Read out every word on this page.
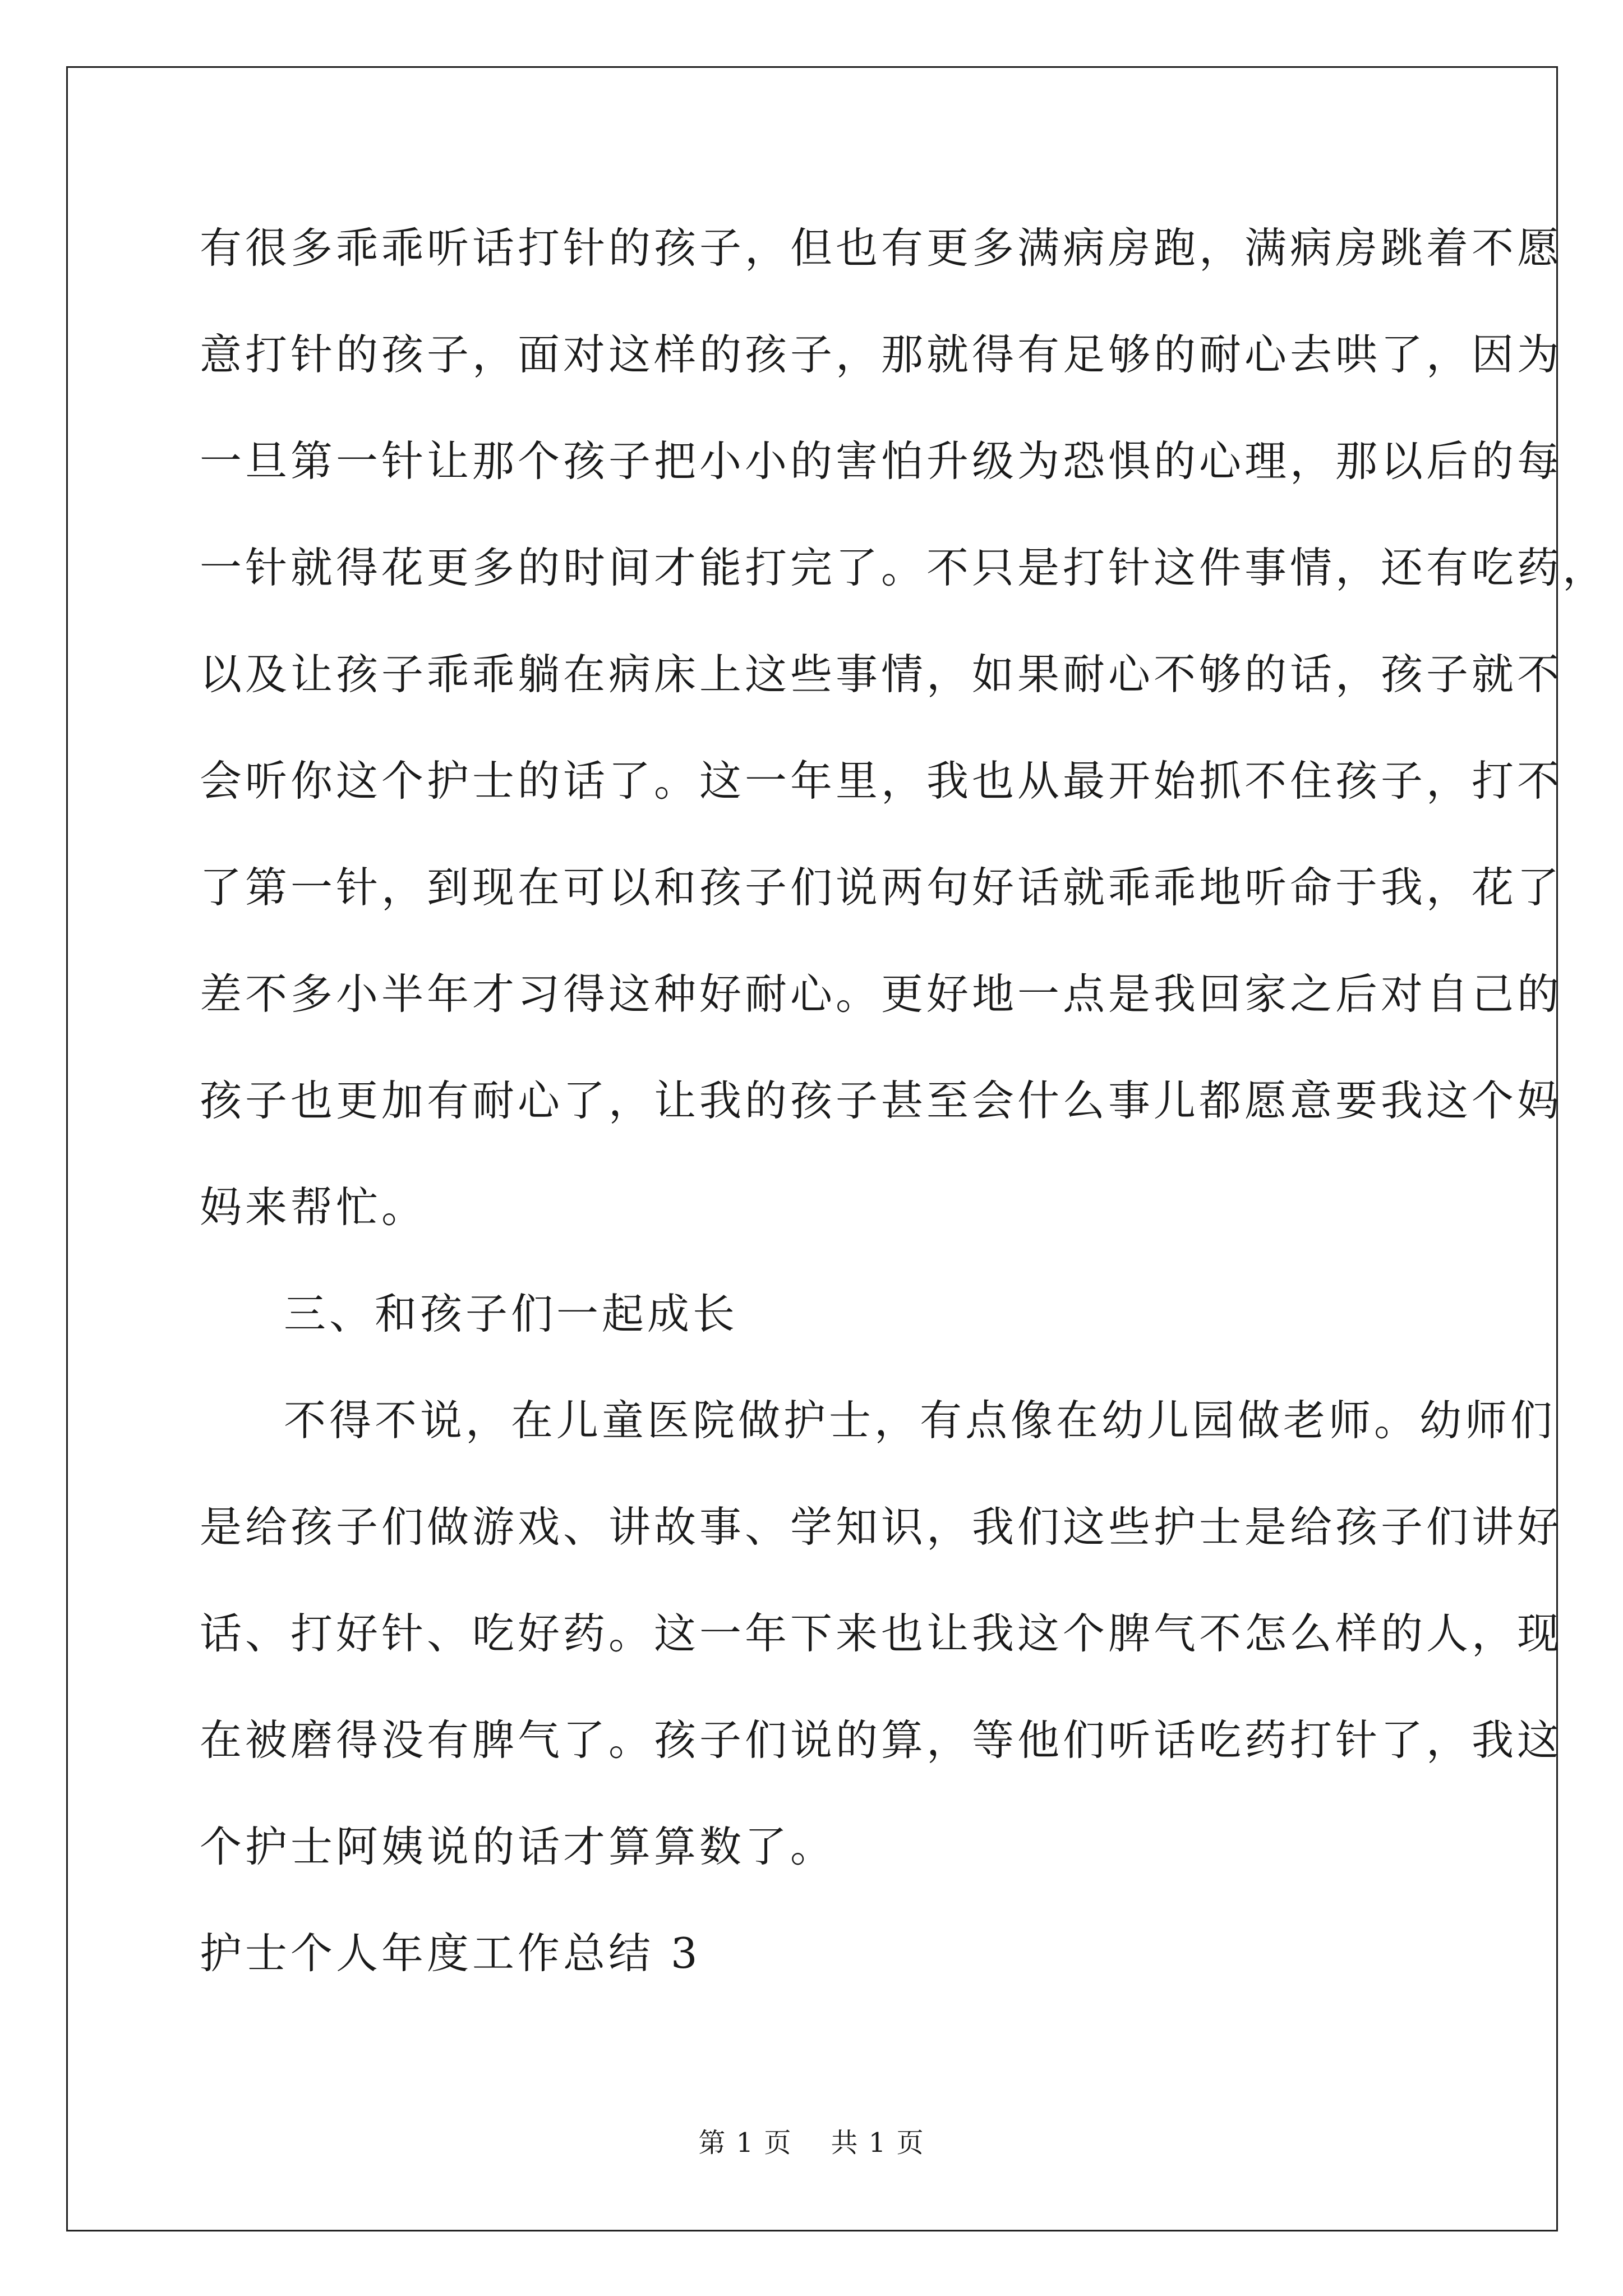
有很多乖乖听话打针的孩子，但也有更多满病房跑，满病房跳着不愿
意打针的孩子，面对这样的孩子，那就得有足够的耐心去哄了，因为
一旦第一针让那个孩子把小小的害怕升级为恐惧的心理，那以后的每
一针就得花更多的时间才能打完了。不只是打针这件事情，还有吃药，
以及让孩子乖乖躺在病床上这些事情，如果耐心不够的话，孩子就不
会听你这个护士的话了。这一年里，我也从最开始抓不住孩子，打不
了第一针，到现在可以和孩子们说两句好话就乖乖地听命于我，花了
差不多小半年才习得这种好耐心。更好地一点是我回家之后对自己的
孩子也更加有耐心了，让我的孩子甚至会什么事儿都愿意要我这个妈
妈来帮忙。
三、和孩子们一起成长
不得不说，在儿童医院做护士，有点像在幼儿园做老师。幼师们
是给孩子们做游戏、讲故事、学知识，我们这些护士是给孩子们讲好
话、打好针、吃好药。这一年下来也让我这个脾气不怎么样的人，现
在被磨得没有脾气了。孩子们说的算，等他们听话吃药打针了，我这
个护士阿姨说的话才算算数了。
护士个人年度工作总结 3
第 1 页    共 1 页
